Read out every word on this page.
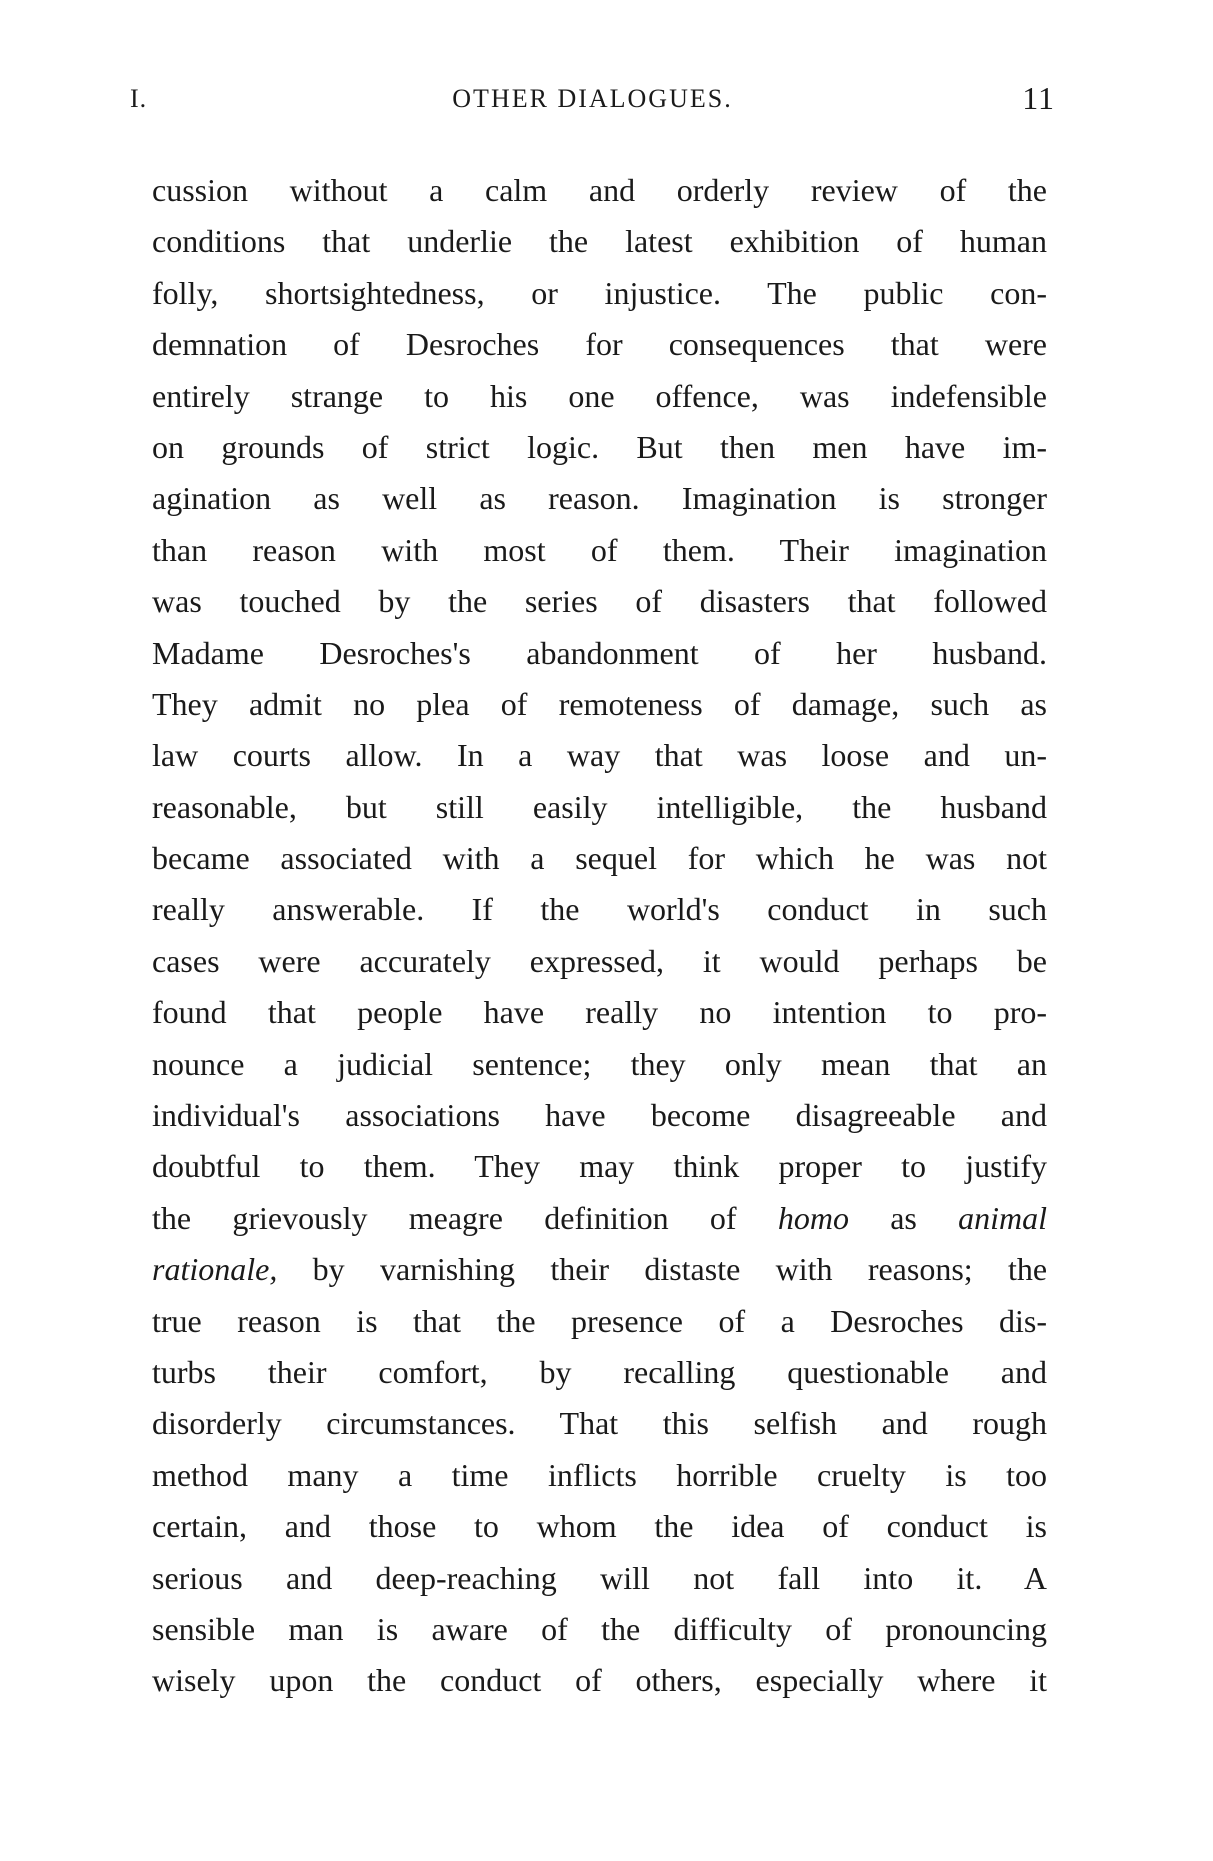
I.	OTHER DIALOGUES.	11
cussion without a calm and orderly review of the
conditions that underlie the latest exhibition of human
folly, shortsightedness, or injustice. The public con-
demnation of Desroches for consequences that were
entirely strange to his one offence, was indefensible
on grounds of strict logic. But then men have im-
agination as well as reason. Imagination is stronger
than reason with most of them. Their imagination
was touched by the series of disasters that followed
Madame Desroches's abandonment of her husband.
They admit no plea of remoteness of damage, such as
law courts allow. In a way that was loose and un-
reasonable, but still easily intelligible, the husband
became associated with a sequel for which he was not
really answerable. If the world's conduct in such
cases were accurately expressed, it would perhaps be
found that people have really no intention to pro-
nounce a judicial sentence; they only mean that an
individual's associations have become disagreeable and
doubtful to them. They may think proper to justify
the grievously meagre definition of homo as animal
rationale, by varnishing their distaste with reasons; the
true reason is that the presence of a Desroches dis-
turbs their comfort, by recalling questionable and
disorderly circumstances. That this selfish and rough
method many a time inflicts horrible cruelty is too
certain, and those to whom the idea of conduct is
serious and deep-reaching will not fall into it. A
sensible man is aware of the difficulty of pronouncing
wisely upon the conduct of others, especially where it
